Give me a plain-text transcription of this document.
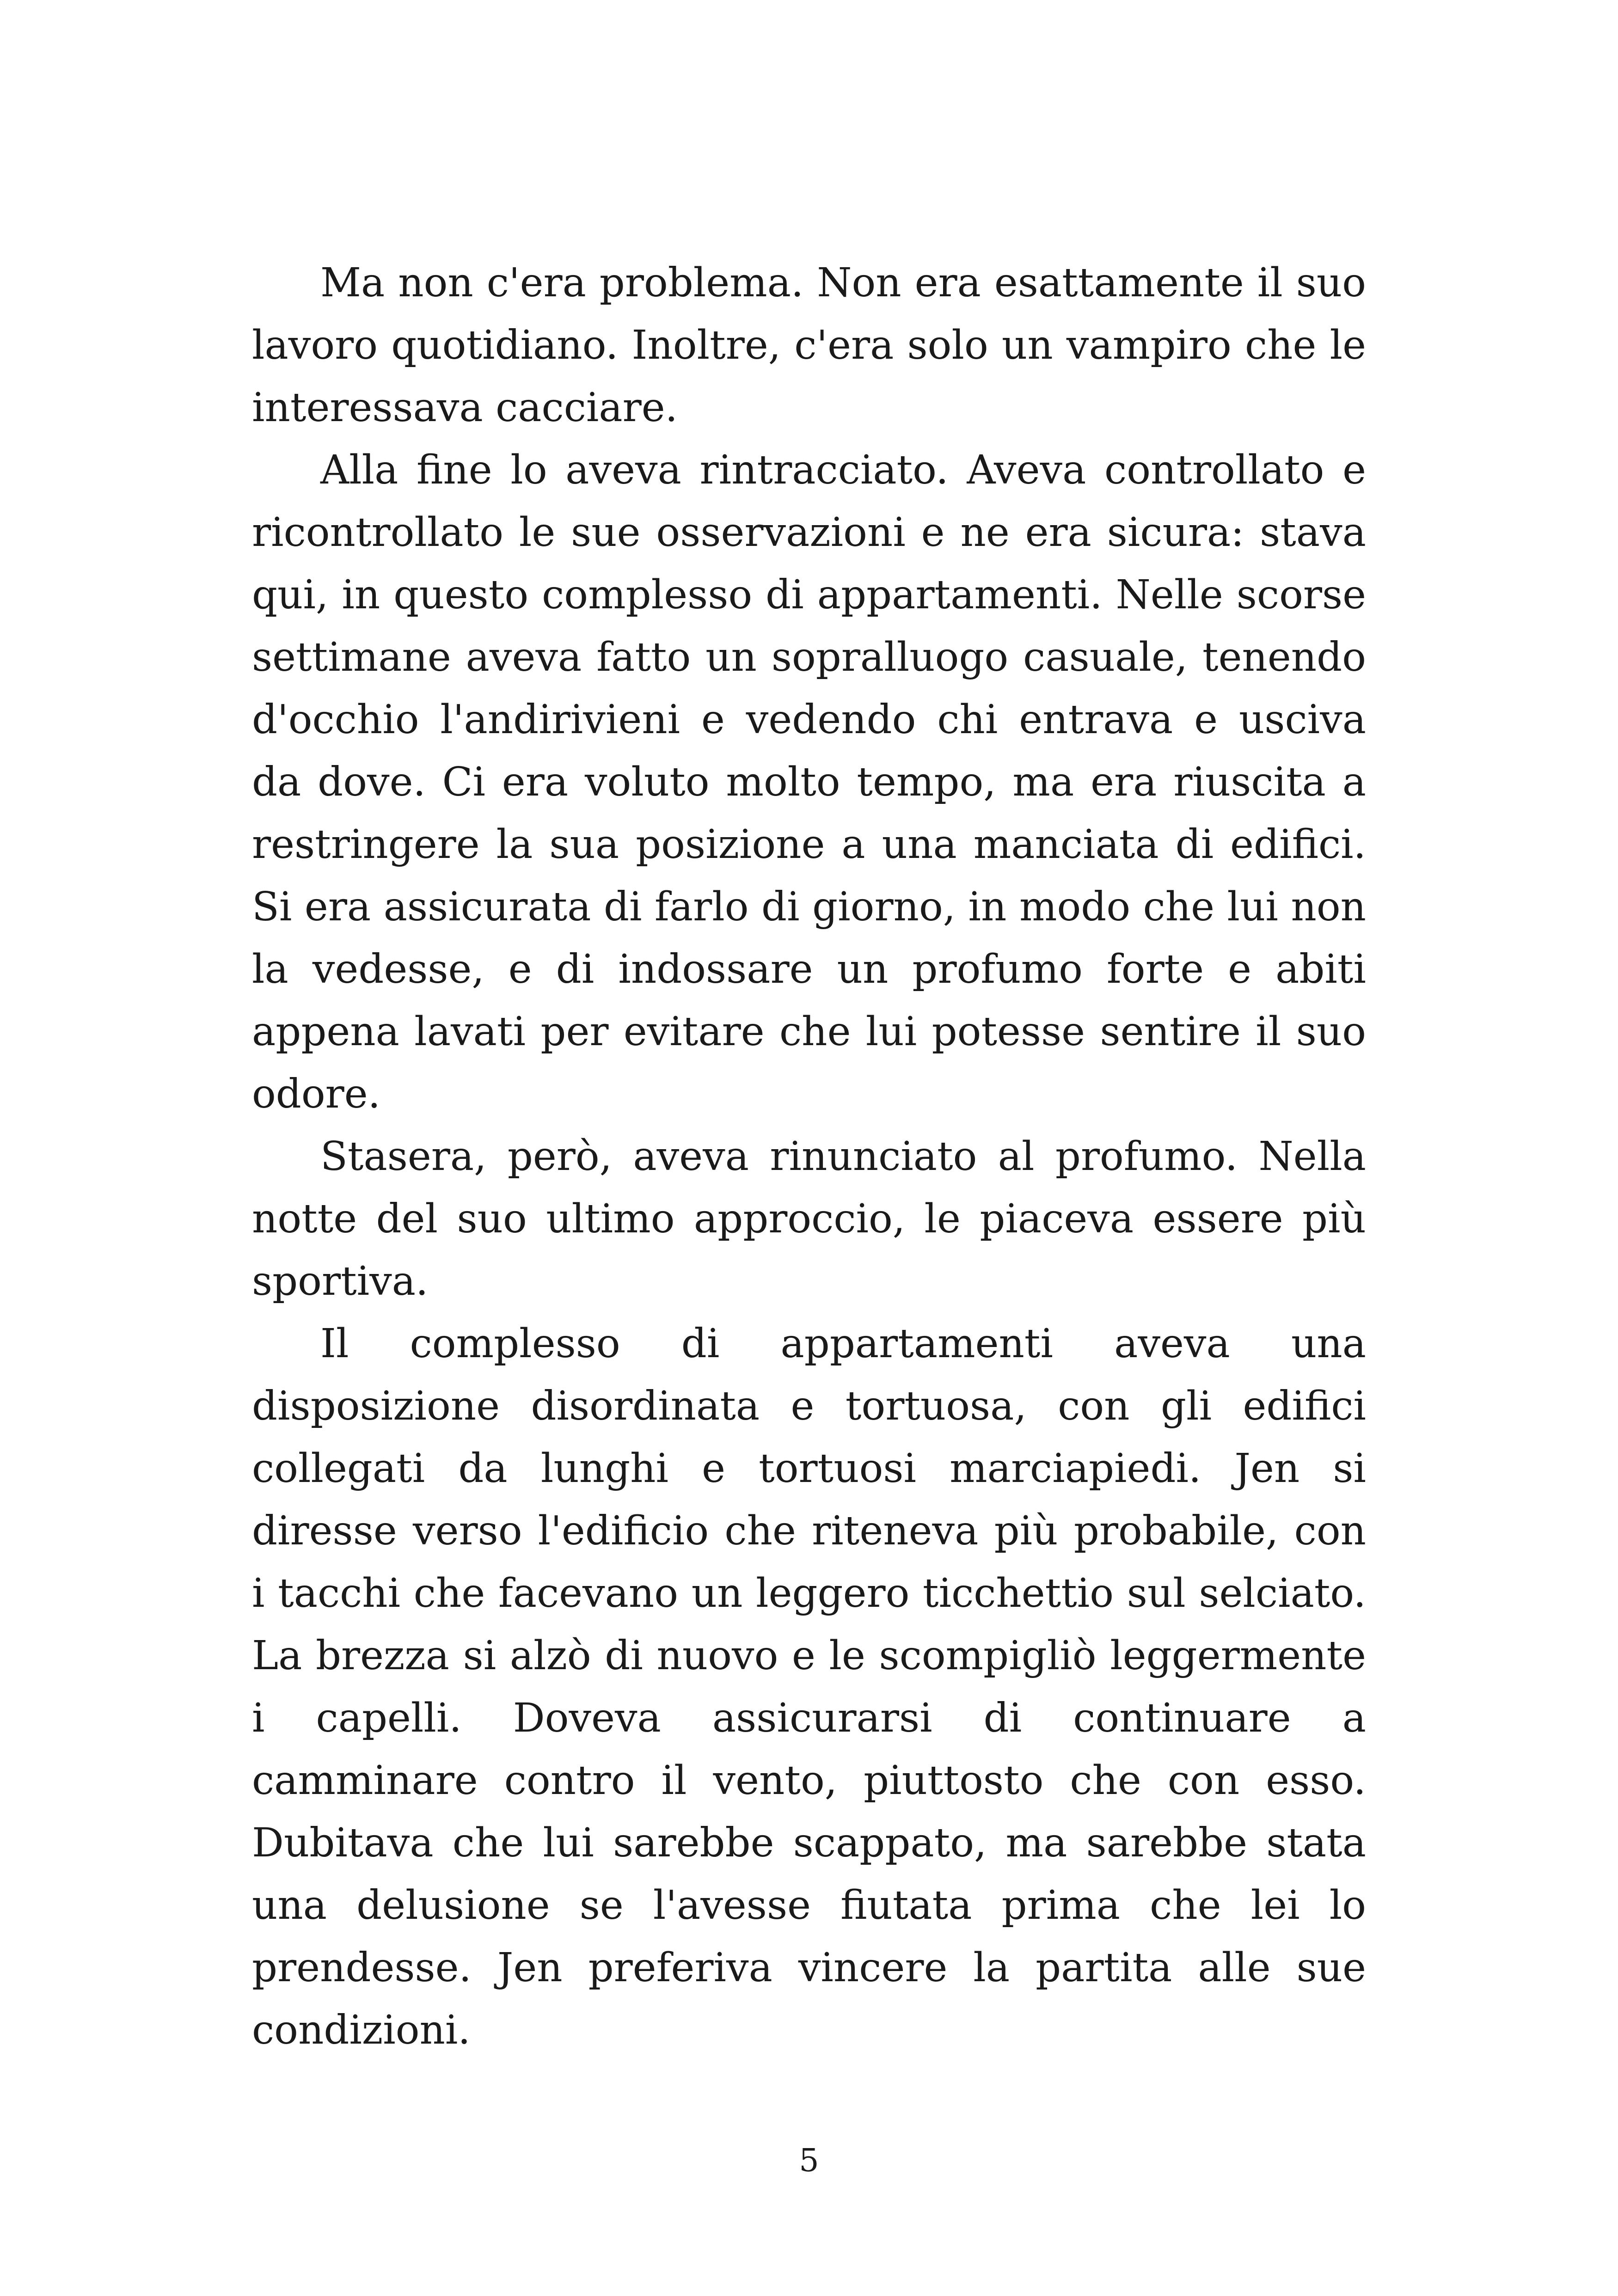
Ma non c'era problema. Non era esattamente il suo lavoro quotidiano. Inoltre, c'era solo un vampiro che le interessava cacciare.

Alla fine lo aveva rintracciato. Aveva controllato e ricontrollato le sue osservazioni e ne era sicura: stava qui, in questo complesso di appartamenti. Nelle scorse settimane aveva fatto un sopralluogo casuale, tenendo d'occhio l'andirivieni e vedendo chi entrava e usciva da dove. Ci era voluto molto tempo, ma era riuscita a restringere la sua posizione a una manciata di edifici. Si era assicurata di farlo di giorno, in modo che lui non la vedesse, e di indossare un profumo forte e abiti appena lavati per evitare che lui potesse sentire il suo odore.

Stasera, però, aveva rinunciato al profumo. Nella notte del suo ultimo approccio, le piaceva essere più sportiva.

Il complesso di appartamenti aveva una disposizione disordinata e tortuosa, con gli edifici collegati da lunghi e tortuosi marciapiedi. Jen si diresse verso l'edificio che riteneva più probabile, con i tacchi che facevano un leggero ticchettio sul selciato. La brezza si alzò di nuovo e le scompigliò leggermente i capelli. Doveva assicurarsi di continuare a camminare contro il vento, piuttosto che con esso. Dubitava che lui sarebbe scappato, ma sarebbe stata una delusione se l'avesse fiutata prima che lei lo prendesse. Jen preferiva vincere la partita alle sue condizioni.

5
